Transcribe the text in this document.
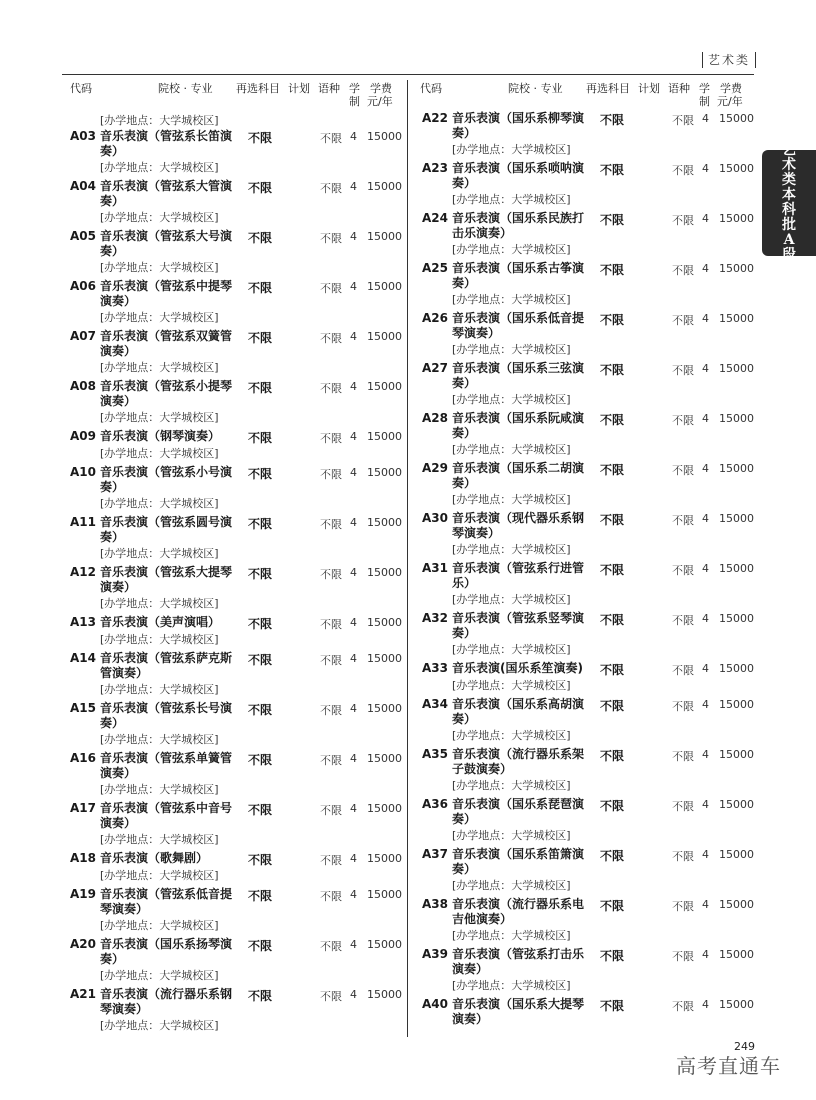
艺术类
艺
术
类
本
科
批
A
段
代码	院校 · 专业 再选科目 计划 语种 学
制
学费
元/年
[办学地点：大学城校区]
A03 音乐表演（管弦系长笛演奏）
不限	不限 4 15000
[办学地点：大学城校区]
A04 音乐表演（管弦系大管演奏）
不限	不限 4 15000
[办学地点：大学城校区]
A05 音乐表演（管弦系大号演奏）
不限	不限 4 15000
[办学地点：大学城校区]
A06 音乐表演（管弦系中提琴演奏）
不限	不限 4 15000
[办学地点：大学城校区]
A07 音乐表演（管弦系双簧管演奏）
不限	不限 4 15000
[办学地点：大学城校区]
A08 音乐表演（管弦系小提琴演奏）
不限	不限 4 15000
[办学地点：大学城校区]
A09 音乐表演（钢琴演奏）	不限	不限 4 15000
[办学地点：大学城校区]
A10 音乐表演（管弦系小号演奏）
不限	不限 4 15000
[办学地点：大学城校区]
A11 音乐表演（管弦系圆号演奏）
不限	不限 4 15000
[办学地点：大学城校区]
A12 音乐表演（管弦系大提琴演奏）
不限	不限 4 15000
[办学地点：大学城校区]
A13 音乐表演（美声演唱）	不限	不限 4 15000
[办学地点：大学城校区]
A14 音乐表演（管弦系萨克斯管演奏）
不限	不限 4 15000
[办学地点：大学城校区]
A15 音乐表演（管弦系长号演奏）
不限	不限 4 15000
[办学地点：大学城校区]
A16 音乐表演（管弦系单簧管演奏）
不限	不限 4 15000
[办学地点：大学城校区]
A17 音乐表演（管弦系中音号演奏）
不限	不限 4 15000
[办学地点：大学城校区]
A18 音乐表演（歌舞剧）	不限	不限 4 15000
[办学地点：大学城校区]
A19 音乐表演（管弦系低音提琴演奏）
不限	不限 4 15000
[办学地点：大学城校区]
A20 音乐表演（国乐系扬琴演奏）
不限	不限 4 15000
[办学地点：大学城校区]
A21 音乐表演（流行器乐系钢琴演奏）
不限	不限 4 15000
[办学地点：大学城校区]
代码	院校 · 专业 再选科目 计划 语种 学
制
学费
元/年
A22 音乐表演（国乐系柳琴演奏）
不限	不限 4 15000
[办学地点：大学城校区]
A23 音乐表演（国乐系唢呐演奏）
不限	不限 4 15000
[办学地点：大学城校区]
A24 音乐表演（国乐系民族打击乐演奏）
不限	不限 4 15000
[办学地点：大学城校区]
A25 音乐表演（国乐系古筝演奏）
不限	不限 4 15000
[办学地点：大学城校区]
A26 音乐表演（国乐系低音提琴演奏）
不限	不限 4 15000
[办学地点：大学城校区]
A27 音乐表演（国乐系三弦演奏）
不限	不限 4 15000
[办学地点：大学城校区]
A28 音乐表演（国乐系阮咸演奏）
不限	不限 4 15000
[办学地点：大学城校区]
A29 音乐表演（国乐系二胡演奏）
不限	不限 4 15000
[办学地点：大学城校区]
A30 音乐表演（现代器乐系钢琴演奏）
不限	不限 4 15000
[办学地点：大学城校区]
A31 音乐表演（管弦系行进管乐）
不限	不限 4 15000
[办学地点：大学城校区]
A32 音乐表演（管弦系竖琴演奏）
不限	不限 4 15000
[办学地点：大学城校区]
A33 音乐表演(国乐系笙演奏)	不限	不限 4 15000
[办学地点：大学城校区]
A34 音乐表演（国乐系高胡演奏）
不限	不限 4 15000
[办学地点：大学城校区]
A35 音乐表演（流行器乐系架子鼓演奏）
不限	不限 4 15000
[办学地点：大学城校区]
A36 音乐表演（国乐系琵琶演奏）
不限	不限 4 15000
[办学地点：大学城校区]
A37 音乐表演（国乐系笛箫演奏）
不限	不限 4 15000
[办学地点：大学城校区]
A38 音乐表演（流行器乐系电吉他演奏）
不限	不限 4 15000
[办学地点：大学城校区]
A39 音乐表演（管弦系打击乐演奏）
不限	不限 4 15000
[办学地点：大学城校区]
A40 音乐表演（国乐系大提琴演奏）
不限	不限 4 15000
249
高考直通车
